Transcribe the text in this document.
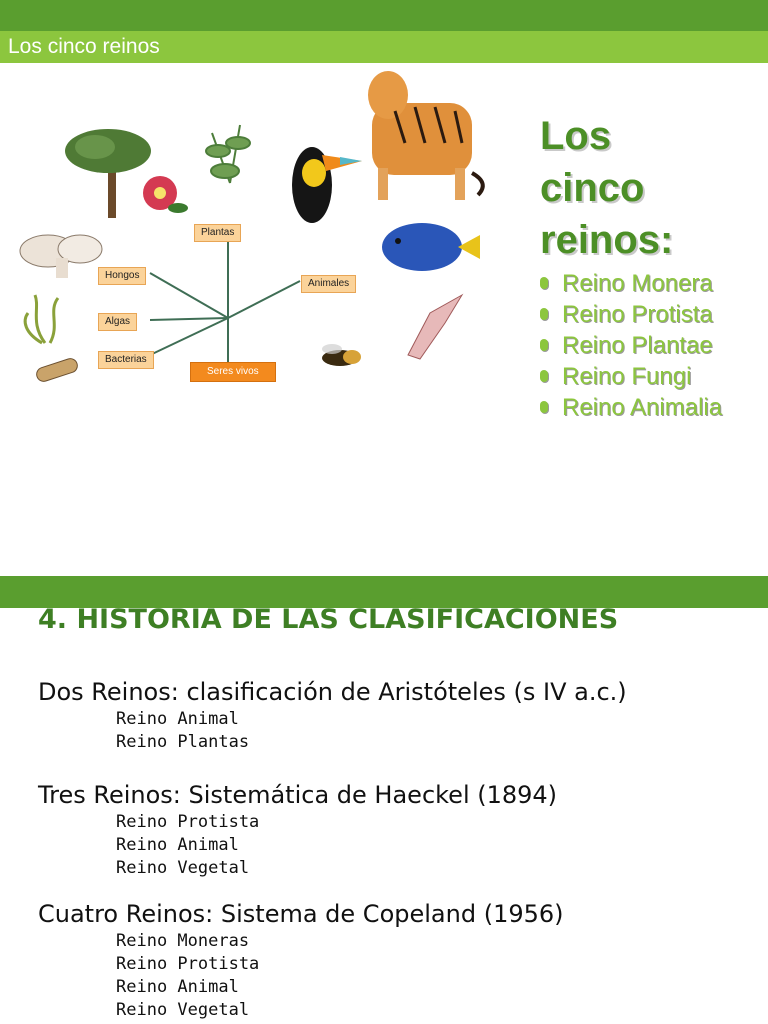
Los cinco reinos
Plantas
Hongos
Algas
Bacterias
Animales
Seres vivos
Los
cinco
reinos:
Reino Monera
Reino Protista
Reino Plantae
Reino Fungi
Reino Animalia
4. HISTORIA DE LAS CLASIFICACIONES
Dos Reinos: clasificación de Aristóteles (s IV a.c.)
Reino Animal
Reino Plantas
Tres Reinos: Sistemática de Haeckel (1894)
Reino Protista
Reino Animal
Reino Vegetal
Cuatro Reinos: Sistema de Copeland (1956)
Reino Moneras
Reino Protista
Reino Animal
Reino Vegetal
